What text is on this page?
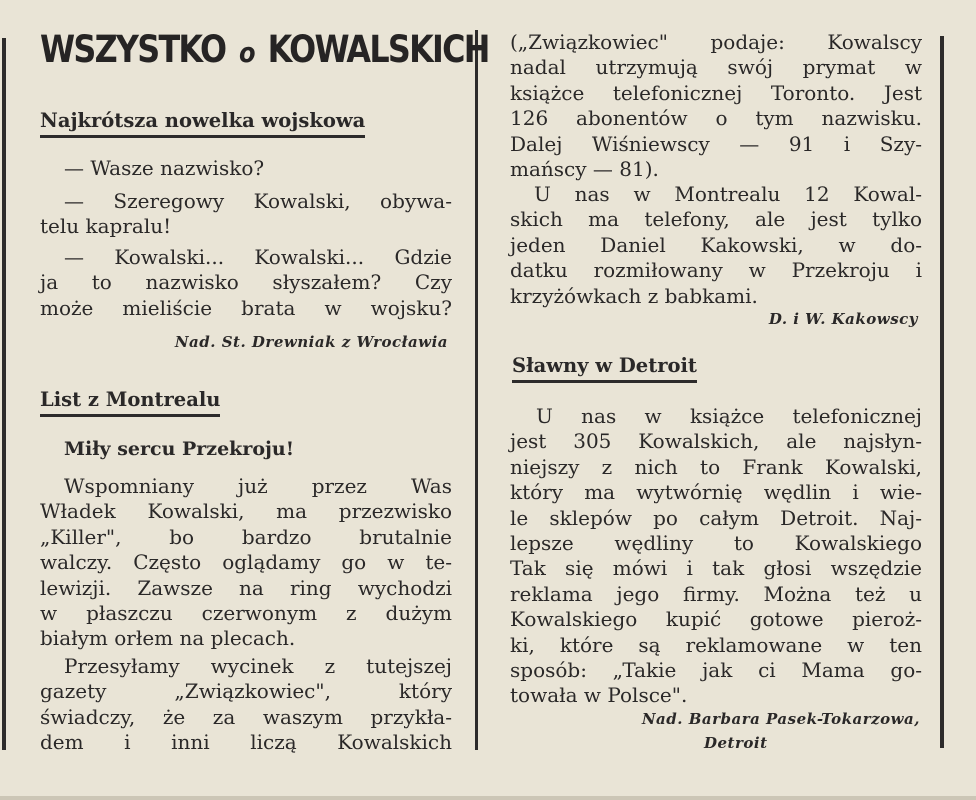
WSZYSTKO o KOWALSKICH
Najkrótsza nowelka wojskowa
— Wasze nazwisko?
— Szeregowy Kowalski, obywa-
telu kapralu!
— Kowalski... Kowalski... Gdzie
ja to nazwisko słyszałem? Czy
może mieliście brata w wojsku?
Nad. St. Drewniak z Wrocławia
List z Montrealu
Miły sercu Przekroju!
Wspomniany już przez Was
Władek Kowalski, ma przezwisko
„Killer", bo bardzo brutalnie
walczy. Często oglądamy go w te-
lewizji. Zawsze na ring wychodzi
w płaszczu czerwonym z dużym
białym orłem na plecach.
Przesyłamy wycinek z tutejszej
gazety „Związkowiec", który
świadczy, że za waszym przykła-
dem i inni liczą Kowalskich
(„Związkowiec" podaje: Kowalscy
nadal utrzymują swój prymat w
książce telefonicznej Toronto. Jest
126 abonentów o tym nazwisku.
Dalej Wiśniewscy — 91 i Szy-
mańscy — 81).
U nas w Montrealu 12 Kowal-
skich ma telefony, ale jest tylko
jeden Daniel Kakowski, w do-
datku rozmiłowany w Przekroju i
krzyżówkach z babkami.
D. i W. Kakowscy
Sławny w Detroit
U nas w książce telefonicznej
jest 305 Kowalskich, ale najsłyn-
niejszy z nich to Frank Kowalski,
który ma wytwórnię wędlin i wie-
le sklepów po całym Detroit. Naj-
lepsze wędliny to Kowalskiego
Tak się mówi i tak głosi wszędzie
reklama jego firmy. Można też u
Kowalskiego kupić gotowe pieroż-
ki, które są reklamowane w ten
sposób: „Takie jak ci Mama go-
towała w Polsce".
Nad. Barbara Pasek-Tokarzowa,
Detroit
